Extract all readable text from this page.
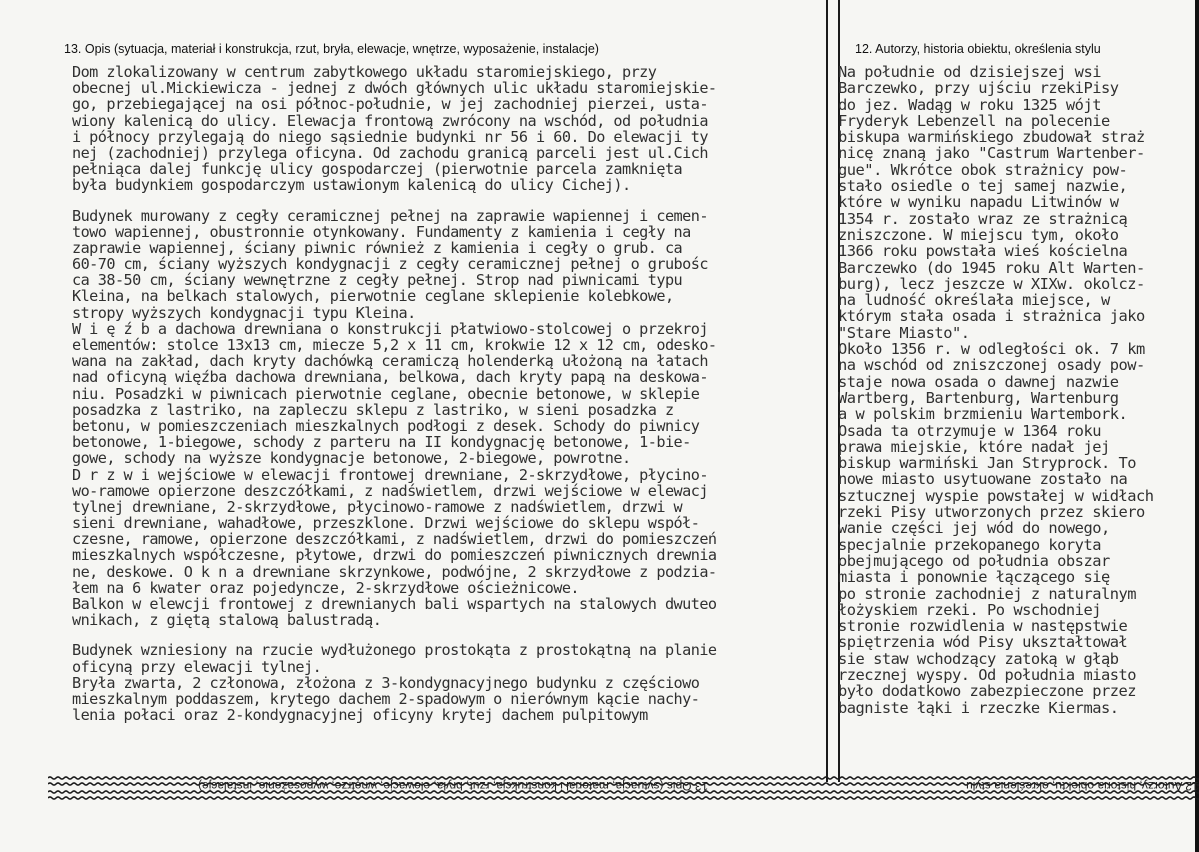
13. Opis (sytuacja, materiał i konstrukcja, rzut, bryła, elewacje, wnętrze, wyposażenie, instalacje)	12. Autorzy, historia obiektu, określenia stylu
Dom zlokalizowany w centrum zabytkowego układu staromiejskiego, przy
obecnej ul.Mickiewicza - jednej z dwóch głównych ulic układu staromiejskie-
go, przebiegającej na osi północ-południe, w jej zachodniej pierzei, usta-
wiony kalenicą do ulicy. Elewacja frontową zwrócony na wschód, od południa
i północy przylegają do niego sąsiednie budynki nr 56 i 60. Do elewacji ty
nej (zachodniej) przylega oficyna. Od zachodu granicą parceli jest ul.Cich
pełniąca dalej funkcję ulicy gospodarczej (pierwotnie parcela zamknięta
była budynkiem gospodarczym ustawionym kalenicą do ulicy Cichej).
Budynek murowany z cegły ceramicznej pełnej na zaprawie wapiennej i cemen-
towo wapiennej, obustronnie otynkowany. Fundamenty z kamienia i cegły na
zaprawie wapiennej, ściany piwnic również z kamienia i cegły o grub. ca
60-70 cm, ściany wyższych kondygnacji z cegły ceramicznej pełnej o grubośc
ca 38-50 cm, ściany wewnętrzne z cegły pełnej. Strop nad piwnicami typu
Kleina, na belkach stalowych, pierwotnie ceglane sklepienie kolebkowe,
stropy wyższych kondygnacji typu Kleina.
W i ę ź b a dachowa drewniana o konstrukcji płatwiowo-stolcowej o przekroj
elementów: stolce 13x13 cm, miecze 5,2 x 11 cm, krokwie 12 x 12 cm, odesko-
wana na zakład, dach kryty dachówką ceramiczą holenderką ułożoną na łatach
nad oficyną więźba dachowa drewniana, belkowa, dach kryty papą na deskowa-
niu. Posadzki w piwnicach pierwotnie ceglane, obecnie betonowe, w sklepie
posadzka z lastriko, na zapleczu sklepu z lastriko, w sieni posadzka z
betonu, w pomieszczeniach mieszkalnych podłogi z desek. Schody do piwnicy
betonowe, 1-biegowe, schody z parteru na II kondygnację betonowe, 1-bie-
gowe, schody na wyższe kondygnacje betonowe, 2-biegowe, powrotne.
D r z w i wejściowe w elewacji frontowej drewniane, 2-skrzydłowe, płycino-
wo-ramowe opierzone deszczółkami, z nadświetlem, drzwi wejściowe w elewacj
tylnej drewniane, 2-skrzydłowe, płycinowo-ramowe z nadświetlem, drzwi w
sieni drewniane, wahadłowe, przeszklone. Drzwi wejściowe do sklepu współ-
czesne, ramowe, opierzone deszczółkami, z nadświetlem, drzwi do pomieszczeń
mieszkalnych współczesne, płytowe, drzwi do pomieszczeń piwnicznych drewnia
ne, deskowe. O k n a drewniane skrzynkowe, podwójne, 2 skrzydłowe z podzia-
łem na 6 kwater oraz pojedyncze, 2-skrzydłowe ościeżnicowe.
Balkon w elewcji frontowej z drewnianych bali wspartych na stalowych dwuteo
wnikach, z giętą stalową balustradą.
Budynek wzniesiony na rzucie wydłużonego prostokąta z prostokątną na planie
oficyną przy elewacji tylnej.
Bryła zwarta, 2 członowa, złożona z 3-kondygnacyjnego budynku z częściowo
mieszkalnym poddaszem, krytego dachem 2-spadowym o nierównym kącie nachy-
lenia połaci oraz 2-kondygnacyjnej oficyny krytej dachem pulpitowym
Na południe od dzisiejszej wsi
Barczewko, przy ujściu rzekiPisy
do jez. Wadąg w roku 1325 wójt
Fryderyk Lebenzell na polecenie
biskupa warmińskiego zbudował straż
nicę znaną jako "Castrum Wartenber-
gue". Wkrótce obok strażnicy pow-
stało osiedle o tej samej nazwie,
które w wyniku napadu Litwinów w
1354 r. zostało wraz ze strażnicą
zniszczone. W miejscu tym, około
1366 roku powstała wieś kościelna
Barczewko (do 1945 roku Alt Warten-
burg), lecz jeszcze w XIXw. okolcz-
na ludność określała miejsce, w
którym stała osada i strażnica jako
"Stare Miasto".
Około 1356 r. w odległości ok. 7 km
na wschód od zniszczonej osady pow-
staje nowa osada o dawnej nazwie
Wartberg, Bartenburg, Wartenburg
a w polskim brzmieniu Wartembork.
Osada ta otrzymuje w 1364 roku
prawa miejskie, które nadał jej
biskup warmiński Jan Stryprock. To
nowe miasto usytuowane zostało na
sztucznej wyspie powstałej w widłach
rzeki Pisy utworzonych przez skiero
wanie części jej wód do nowego,
specjalnie przekopanego koryta
obejmującego od południa obszar
miasta i ponownie łączącego się
po stronie zachodniej z naturalnym
łożyskiem rzeki. Po wschodniej
stronie rozwidlenia w następstwie
spiętrzenia wód Pisy ukształtował
sie staw wchodzący zatoką w głąb
rzecznej wyspy. Od południa miasto
było dodatkowo zabezpieczone przez
bagniste łąki i rzeczke Kiermas.
13 Opis (sytuacja, materiał i konstrukcja, rzut, bryła, elewacje, wnętrze, wyposażenie, instalacje)	12 Autorzy, historia obiektu, określenia stylu
